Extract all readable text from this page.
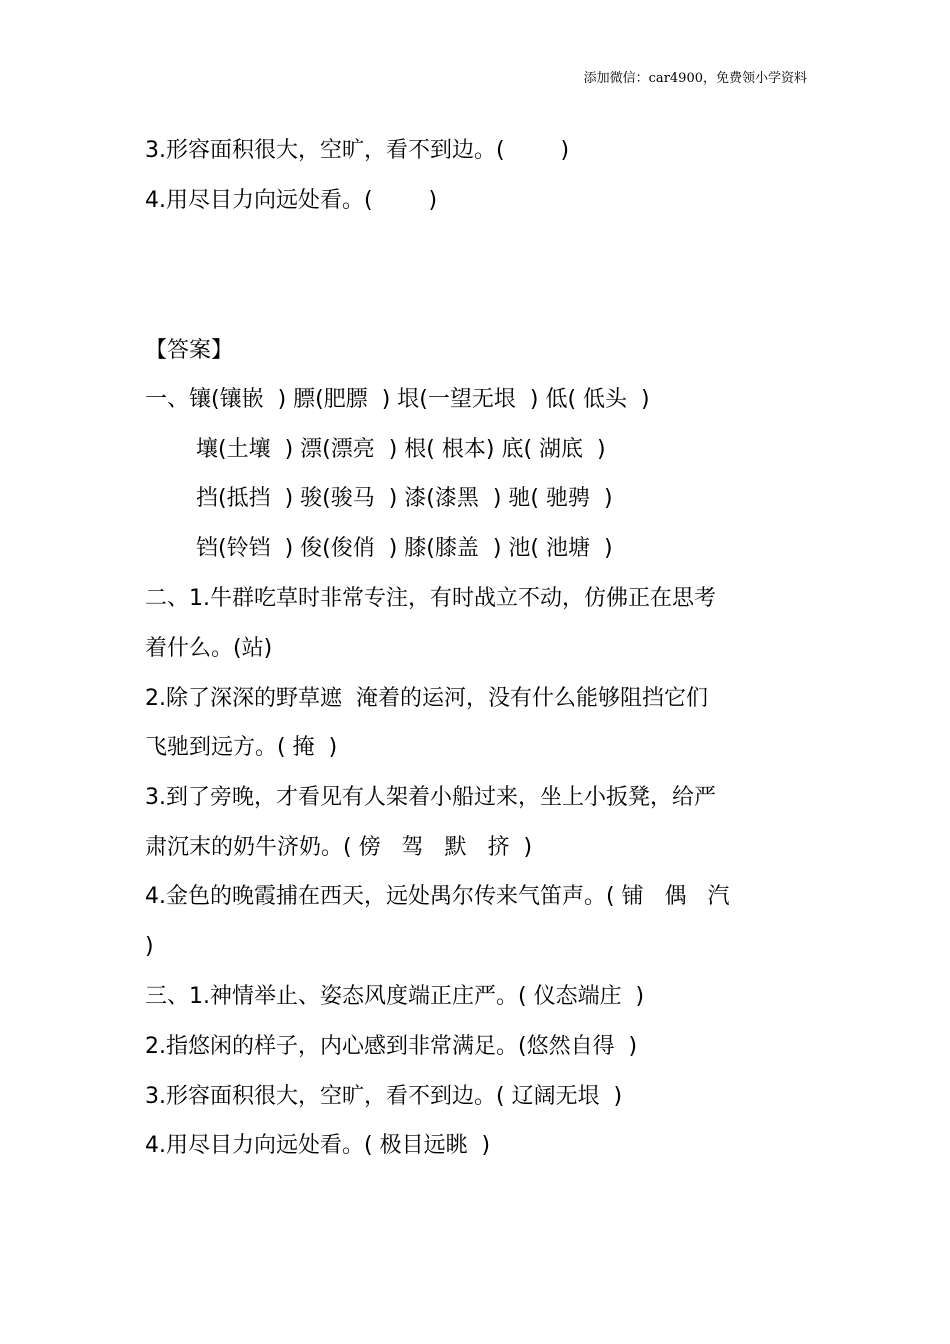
添加微信：car4900，免费领小学资料
3.形容面积很大，空旷，看不到边。(        )
4.用尽目力向远处看。(        )
【答案】
一、镶(镶嵌  ) 膘(肥膘  ) 垠(一望无垠  ) 低( 低头  )
壤(土壤  ) 漂(漂亮  ) 根( 根本) 底( 湖底  )
挡(抵挡  ) 骏(骏马  ) 漆(漆黑  ) 驰( 驰骋  )
铛(铃铛  ) 俊(俊俏  ) 膝(膝盖  ) 池( 池塘  )
二、1.牛群吃草时非常专注，有时战立不动，仿佛正在思考
着什么。(站)
2.除了深深的野草遮  淹着的运河，没有什么能够阻挡它们
飞驰到远方。( 掩  )
3.到了旁晚，才看见有人架着小船过来，坐上小扳凳，给严
肃沉末的奶牛济奶。( 傍   驾   默   挤  )
4.金色的晚霞捕在西天，远处禺尔传来气笛声。( 铺   偶   汽
)
三、1.神情举止、姿态风度端正庄严。( 仪态端庄  )
2.指悠闲的样子，内心感到非常满足。(悠然自得  )
3.形容面积很大，空旷，看不到边。( 辽阔无垠  )
4.用尽目力向远处看。( 极目远眺  )
